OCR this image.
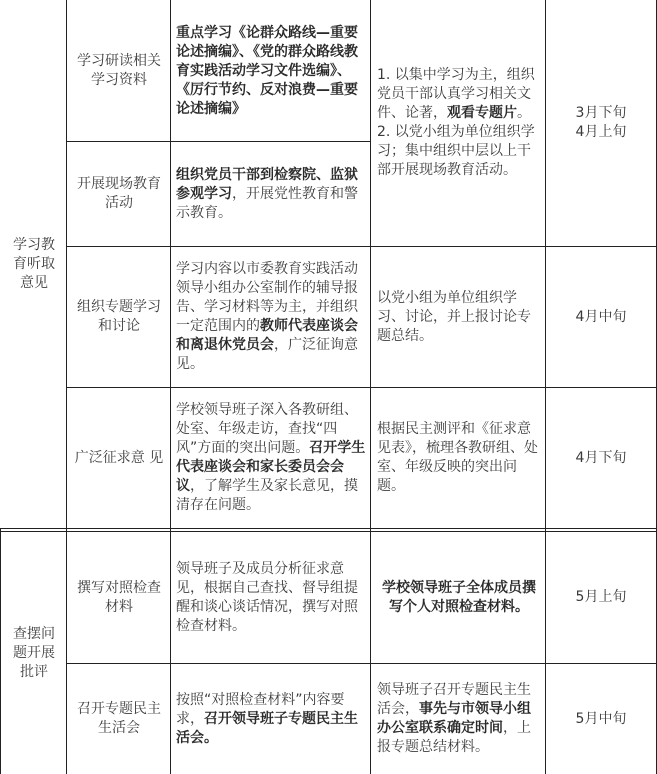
学习教育听取意见
学习研读相关学习资料
重点学习《论群众路线—重要论述摘编》、《党的群众路线教育实践活动学习文件选编》、《厉行节约、反对浪费—重要论述摘编》
1. 以集中学习为主，组织党员干部认真学习相关文件、论著，观看专题片。
2. 以党小组为单位组织学习；集中组织中层以上干部开展现场教育活动。
3月下旬
4月上旬
开展现场教育活动
组织党员干部到检察院、监狱参观学习，开展党性教育和警示教育。
组织专题学习和讨论
学习内容以市委教育实践活动领导小组办公室制作的辅导报告、学习材料等为主，并组织一定范围内的教师代表座谈会和离退休党员会，广泛征询意见。
以党小组为单位组织学习、讨论，并上报讨论专题总结。
4月中旬
广泛征求意 见
学校领导班子深入各教研组、处室、年级走访，查找“四风”方面的突出问题。召开学生代表座谈会和家长委员会会议，了解学生及家长意见，摸清存在问题。
根据民主测评和《征求意见表》，梳理各教研组、处室、年级反映的突出问题。
4月下旬
查摆问题开展批评
撰写对照检查材料
领导班子及成员分析征求意见，根据自己查找、督导组提醒和谈心谈话情况，撰写对照检查材料。
学校领导班子全体成员撰写个人对照检查材料。
5月上旬
召开专题民主生活会
按照“对照检查材料”内容要求，召开领导班子专题民主生活会。
领导班子召开专题民主生活会，事先与市领导小组办公室联系确定时间，上报专题总结材料。
5月中旬
